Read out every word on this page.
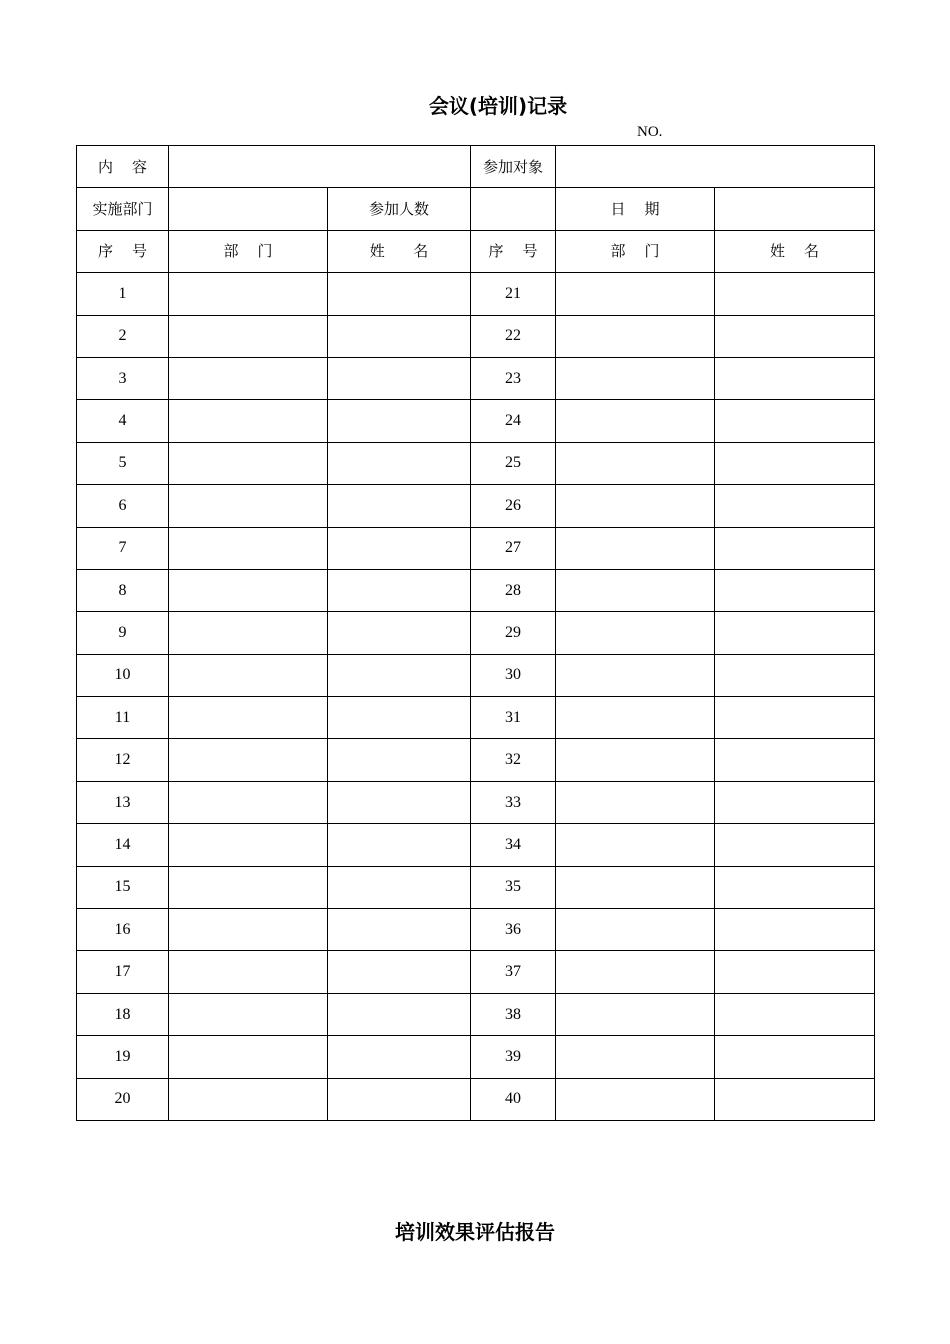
会议(培训)记录
NO.
内    容			参加对象		
实施部门		参加人数		日    期	
序    号	部    门	姓      名	序    号	部    门	姓    名
1			21		
2			22		
3			23		
4			24		
5			25		
6			26		
7			27		
8			28		
9			29		
10			30		
11			31		
12			32		
13			33		
14			34		
15			35		
16			36		
17			37		
18			38		
19			39		
20			40		
培训效果评估报告
